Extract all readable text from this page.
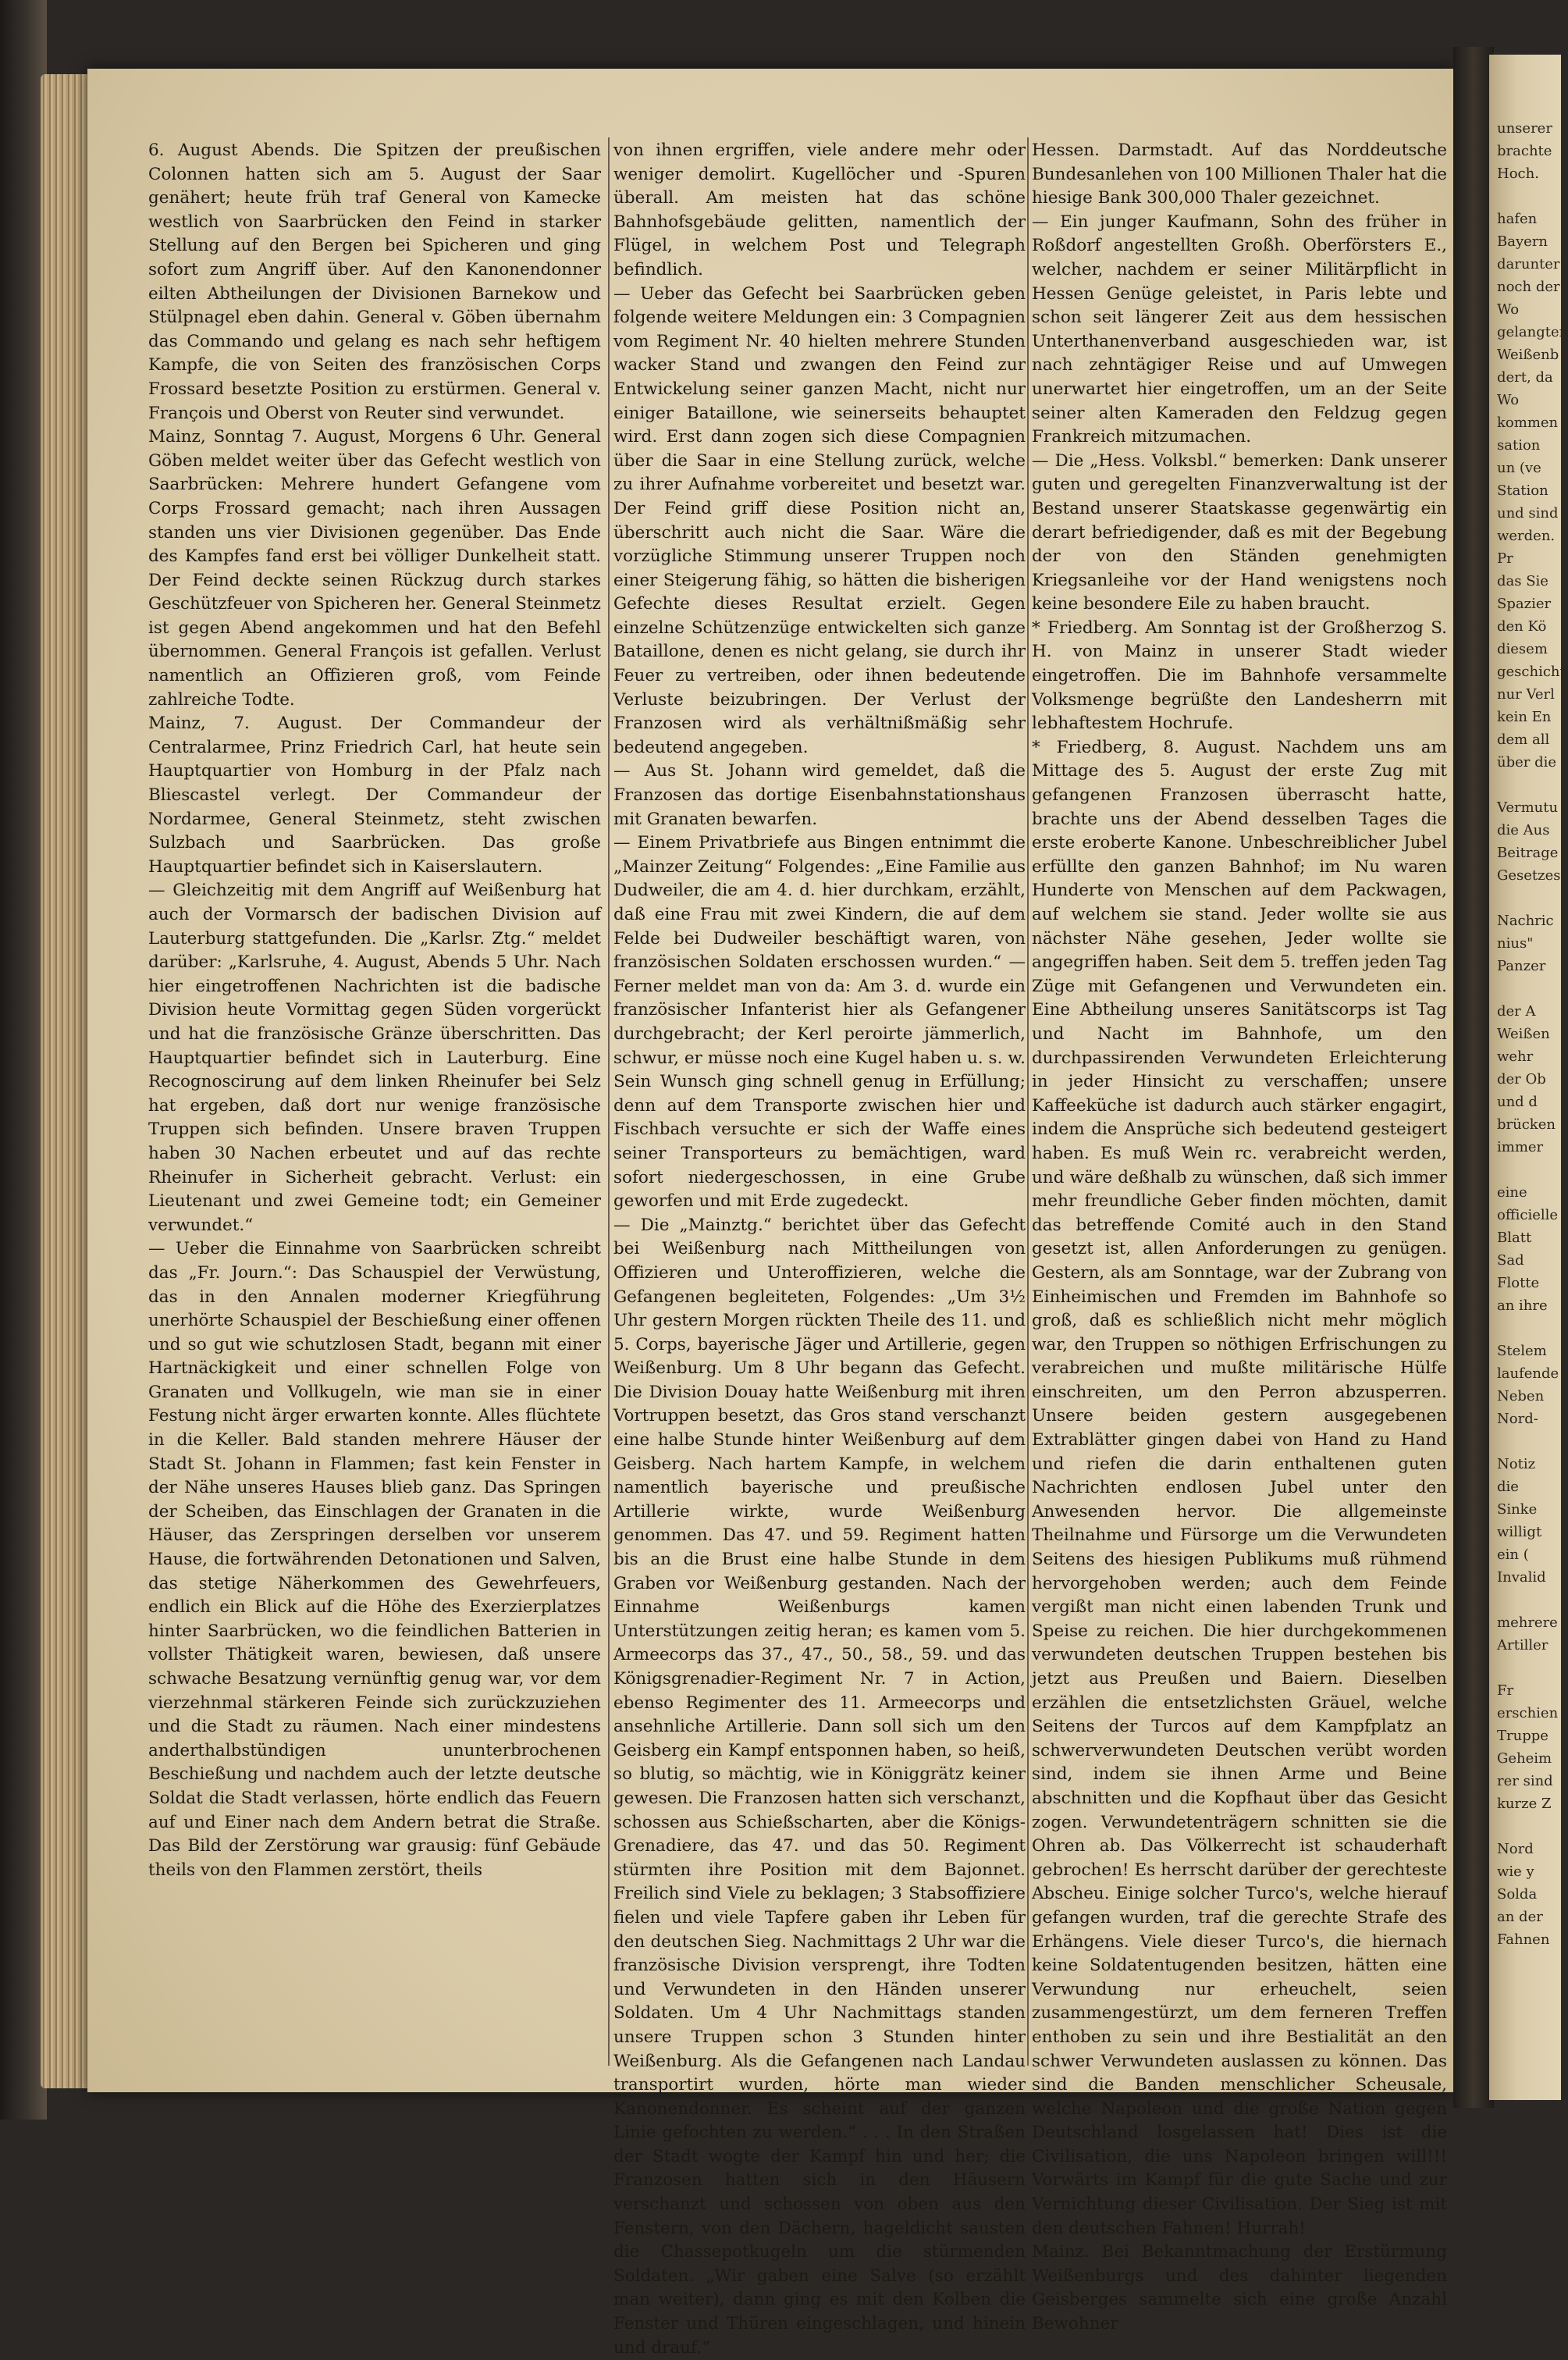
6. August Abends. Die Spitzen der preußischen Colonnen hatten sich am 5. August der Saar genähert; heute früh traf General von Kamecke westlich von Saarbrücken den Feind in starker Stellung auf den Bergen bei Spicheren und ging sofort zum Angriff über. Auf den Kanonendonner eilten Abtheilungen der Divisionen Barnekow und Stülpnagel eben dahin. General v. Göben übernahm das Commando und gelang es nach sehr heftigem Kampfe, die von Seiten des französischen Corps Frossard besetzte Position zu erstürmen. General v. François und Oberst von Reuter sind verwundet.

Mainz, Sonntag 7. August, Morgens 6 Uhr. General Göben meldet weiter über das Gefecht westlich von Saarbrücken: Mehrere hundert Gefangene vom Corps Frossard gemacht; nach ihren Aussagen standen uns vier Divisionen gegenüber. Das Ende des Kampfes fand erst bei völliger Dunkelheit statt. Der Feind deckte seinen Rückzug durch starkes Geschützfeuer von Spicheren her. General Steinmetz ist gegen Abend angekommen und hat den Befehl übernommen. General François ist gefallen. Verlust namentlich an Offizieren groß, vom Feinde zahlreiche Todte.

Mainz, 7. August. Der Commandeur der Centralarmee, Prinz Friedrich Carl, hat heute sein Hauptquartier von Homburg in der Pfalz nach Bliescastel verlegt. Der Commandeur der Nordarmee, General Steinmetz, steht zwischen Sulzbach und Saarbrücken. Das große Hauptquartier befindet sich in Kaiserslautern.

— Gleichzeitig mit dem Angriff auf Weißenburg hat auch der Vormarsch der badischen Division auf Lauterburg stattgefunden. Die „Karlsr. Ztg.“ meldet darüber: „Karlsruhe, 4. August, Abends 5 Uhr. Nach hier eingetroffenen Nachrichten ist die badische Division heute Vormittag gegen Süden vorgerückt und hat die französische Gränze überschritten. Das Hauptquartier befindet sich in Lauterburg. Eine Recognoscirung auf dem linken Rheinufer bei Selz hat ergeben, daß dort nur wenige französische Truppen sich befinden. Unsere braven Truppen haben 30 Nachen erbeutet und auf das rechte Rheinufer in Sicherheit gebracht. Verlust: ein Lieutenant und zwei Gemeine todt; ein Gemeiner verwundet.“

— Ueber die Einnahme von Saarbrücken schreibt das „Fr. Journ.“: Das Schauspiel der Verwüstung, das in den Annalen moderner Kriegführung unerhörte Schauspiel der Beschießung einer offenen und so gut wie schutzlosen Stadt, begann mit einer Hartnäckigkeit und einer schnellen Folge von Granaten und Vollkugeln, wie man sie in einer Festung nicht ärger erwarten konnte. Alles flüchtete in die Keller. Bald standen mehrere Häuser der Stadt St. Johann in Flammen; fast kein Fenster in der Nähe unseres Hauses blieb ganz. Das Springen der Scheiben, das Einschlagen der Granaten in die Häuser, das Zerspringen derselben vor unserem Hause, die fortwährenden Detonationen und Salven, das stetige Näherkommen des Gewehrfeuers, endlich ein Blick auf die Höhe des Exerzierplatzes hinter Saarbrücken, wo die feindlichen Batterien in vollster Thätigkeit waren, bewiesen, daß unsere schwache Besatzung vernünftig genug war, vor dem vierzehnmal stärkeren Feinde sich zurückzuziehen und die Stadt zu räumen. Nach einer mindestens anderthalbstündigen ununterbrochenen Beschießung und nachdem auch der letzte deutsche Soldat die Stadt verlassen, hörte endlich das Feuern auf und Einer nach dem Andern betrat die Straße. Das Bild der Zerstörung war grausig: fünf Gebäude theils von den Flammen zerstört, theils

von ihnen ergriffen, viele andere mehr oder weniger demolirt. Kugellöcher und -Spuren überall. Am meisten hat das schöne Bahnhofsgebäude gelitten, namentlich der Flügel, in welchem Post und Telegraph befindlich.

— Ueber das Gefecht bei Saarbrücken geben folgende weitere Meldungen ein: 3 Compagnien vom Regiment Nr. 40 hielten mehrere Stunden wacker Stand und zwangen den Feind zur Entwickelung seiner ganzen Macht, nicht nur einiger Bataillone, wie seinerseits behauptet wird. Erst dann zogen sich diese Compagnien über die Saar in eine Stellung zurück, welche zu ihrer Aufnahme vorbereitet und besetzt war. Der Feind griff diese Position nicht an, überschritt auch nicht die Saar. Wäre die vorzügliche Stimmung unserer Truppen noch einer Steigerung fähig, so hätten die bisherigen Gefechte dieses Resultat erzielt. Gegen einzelne Schützenzüge entwickelten sich ganze Bataillone, denen es nicht gelang, sie durch ihr Feuer zu vertreiben, oder ihnen bedeutende Verluste beizubringen. Der Verlust der Franzosen wird als verhältnißmäßig sehr bedeutend angegeben.

— Aus St. Johann wird gemeldet, daß die Franzosen das dortige Eisenbahnstationshaus mit Granaten bewarfen.

— Einem Privatbriefe aus Bingen entnimmt die „Mainzer Zeitung“ Folgendes: „Eine Familie aus Dudweiler, die am 4. d. hier durchkam, erzählt, daß eine Frau mit zwei Kindern, die auf dem Felde bei Dudweiler beschäftigt waren, von französischen Soldaten erschossen wurden.“ — Ferner meldet man von da: Am 3. d. wurde ein französischer Infanterist hier als Gefangener durchgebracht; der Kerl peroirte jämmerlich, schwur, er müsse noch eine Kugel haben u. s. w. Sein Wunsch ging schnell genug in Erfüllung; denn auf dem Transporte zwischen hier und Fischbach versuchte er sich der Waffe eines seiner Transporteurs zu bemächtigen, ward sofort niedergeschossen, in eine Grube geworfen und mit Erde zugedeckt.

— Die „Mainztg.“ berichtet über das Gefecht bei Weißenburg nach Mittheilungen von Offizieren und Unteroffizieren, welche die Gefangenen begleiteten, Folgendes: „Um 3½ Uhr gestern Morgen rückten Theile des 11. und 5. Corps, bayerische Jäger und Artillerie, gegen Weißenburg. Um 8 Uhr begann das Gefecht. Die Division Douay hatte Weißenburg mit ihren Vortruppen besetzt, das Gros stand verschanzt eine halbe Stunde hinter Weißenburg auf dem Geisberg. Nach hartem Kampfe, in welchem namentlich bayerische und preußische Artillerie wirkte, wurde Weißenburg genommen. Das 47. und 59. Regiment hatten bis an die Brust eine halbe Stunde in dem Graben vor Weißenburg gestanden. Nach der Einnahme Weißenburgs kamen Unterstützungen zeitig heran; es kamen vom 5. Armeecorps das 37., 47., 50., 58., 59. und das Königsgrenadier-Regiment Nr. 7 in Action, ebenso Regimenter des 11. Armeecorps und ansehnliche Artillerie. Dann soll sich um den Geisberg ein Kampf entsponnen haben, so heiß, so blutig, so mächtig, wie in Königgrätz keiner gewesen. Die Franzosen hatten sich verschanzt, schossen aus Schießscharten, aber die Königs-Grenadiere, das 47. und das 50. Regiment stürmten ihre Position mit dem Bajonnet. Freilich sind Viele zu beklagen; 3 Stabsoffiziere fielen und viele Tapfere gaben ihr Leben für den deutschen Sieg. Nachmittags 2 Uhr war die französische Division versprengt, ihre Todten und Verwundeten in den Händen unserer Soldaten. Um 4 Uhr Nachmittags standen unsere Truppen schon 3 Stunden hinter Weißenburg. Als die Gefangenen nach Landau transportirt wurden, hörte man wieder Kanonendonner. Es scheint auf der ganzen Linie gefochten zu werden.“ . . . In den Straßen der Stadt wogte der Kampf hin und her; die Franzosen hatten sich in den Häusern verschanzt und schossen von oben aus den Fenstern, von den Dächern, hageldicht sausten die Chassepotkugeln um die stürmenden Soldaten. „Wir gaben eine Salve (so erzählt man weiter), dann ging es mit den Kolben die Fenster und Thüren eingeschlagen, und hinein und drauf.“

Hessen. Darmstadt. Auf das Norddeutsche Bundesanlehen von 100 Millionen Thaler hat die hiesige Bank 300,000 Thaler gezeichnet.

— Ein junger Kaufmann, Sohn des früher in Roßdorf angestellten Großh. Oberförsters E., welcher, nachdem er seiner Militärpflicht in Hessen Genüge geleistet, in Paris lebte und schon seit längerer Zeit aus dem hessischen Unterthanenverband ausgeschieden war, ist nach zehntägiger Reise und auf Umwegen unerwartet hier eingetroffen, um an der Seite seiner alten Kameraden den Feldzug gegen Frankreich mitzumachen.

— Die „Hess. Volksbl.“ bemerken: Dank unserer guten und geregelten Finanzverwaltung ist der Bestand unserer Staatskasse gegenwärtig ein derart befriedigender, daß es mit der Begebung der von den Ständen genehmigten Kriegsanleihe vor der Hand wenigstens noch keine besondere Eile zu haben braucht.

* Friedberg. Am Sonntag ist der Großherzog S. H. von Mainz in unserer Stadt wieder eingetroffen. Die im Bahnhofe versammelte Volksmenge begrüßte den Landesherrn mit lebhaftestem Hochrufe.

* Friedberg, 8. August. Nachdem uns am Mittage des 5. August der erste Zug mit gefangenen Franzosen überrascht hatte, brachte uns der Abend desselben Tages die erste eroberte Kanone. Unbeschreiblicher Jubel erfüllte den ganzen Bahnhof; im Nu waren Hunderte von Menschen auf dem Packwagen, auf welchem sie stand. Jeder wollte sie aus nächster Nähe gesehen, Jeder wollte sie angegriffen haben. Seit dem 5. treffen jeden Tag Züge mit Gefangenen und Verwundeten ein. Eine Abtheilung unseres Sanitätscorps ist Tag und Nacht im Bahnhofe, um den durchpassirenden Verwundeten Erleichterung in jeder Hinsicht zu verschaffen; unsere Kaffeeküche ist dadurch auch stärker engagirt, indem die Ansprüche sich bedeutend gesteigert haben. Es muß Wein rc. verabreicht werden, und wäre deßhalb zu wünschen, daß sich immer mehr freundliche Geber finden möchten, damit das betreffende Comité auch in den Stand gesetzt ist, allen Anforderungen zu genügen. Gestern, als am Sonntage, war der Zubrang von Einheimischen und Fremden im Bahnhofe so groß, daß es schließlich nicht mehr möglich war, den Truppen so nöthigen Erfrischungen zu verabreichen und mußte militärische Hülfe einschreiten, um den Perron abzusperren. Unsere beiden gestern ausgegebenen Extrablätter gingen dabei von Hand zu Hand und riefen die darin enthaltenen guten Nachrichten endlosen Jubel unter den Anwesenden hervor. Die allgemeinste Theilnahme und Fürsorge um die Verwundeten Seitens des hiesigen Publikums muß rühmend hervorgehoben werden; auch dem Feinde vergißt man nicht einen labenden Trunk und Speise zu reichen. Die hier durchgekommenen verwundeten deutschen Truppen bestehen bis jetzt aus Preußen und Baiern. Dieselben erzählen die entsetzlichsten Gräuel, welche Seitens der Turcos auf dem Kampfplatz an schwerverwundeten Deutschen verübt worden sind, indem sie ihnen Arme und Beine abschnitten und die Kopfhaut über das Gesicht zogen. Verwundetenträgern schnitten sie die Ohren ab. Das Völkerrecht ist schauderhaft gebrochen! Es herrscht darüber der gerechteste Abscheu. Einige solcher Turco's, welche hierauf gefangen wurden, traf die gerechte Strafe des Erhängens. Viele dieser Turco's, die hiernach keine Soldatentugenden besitzen, hätten eine Verwundung nur erheuchelt, seien zusammengestürzt, um dem ferneren Treffen enthoben zu sein und ihre Bestialität an den schwer Verwundeten auslassen zu können. Das sind die Banden menschlicher Scheusale, welche Napoleon und die große Nation gegen Deutschland losgelassen hat! Dies ist die Civilisation, die uns Napoleon bringen will!!! Vorwärts im Kampf für die gute Sache und zur Vernichtung dieser Civilisation. Der Sieg ist mit den deutschen Fahnen! Hurrah!

Mainz. Bei Bekanntmachung der Erstürmung Weißenburgs und des dahinter liegenden Geisberges sammelte sich eine große Anzahl Bewohner

unserer
brachte
Hoch.

hafen
Bayern
darunter
noch der
Wo
gelangten
Weißenb
dert, da
Wo
kommen
sation
un (ve
Station
und sind
werden.
Pr
das Sie
Spazier
den Kö
diesem
geschicht
nur Verl
kein En
dem all
über die

Vermutu
die Aus
Beitrage
Gesetzes

Nachric
nius"
Panzer

der A
Weißen
wehr
der Ob
und d
brücken
immer

eine
officielle
Blatt
Sad
Flotte
an ihre

Stelem
laufende
Neben
Nord-

Notiz
die
Sinke
willigt
ein (
Invalid

mehrere
Artiller

Fr
erschien
Truppe
Geheim
rer sind
kurze Z

Nord
wie y
Solda
an der
Fahnen
